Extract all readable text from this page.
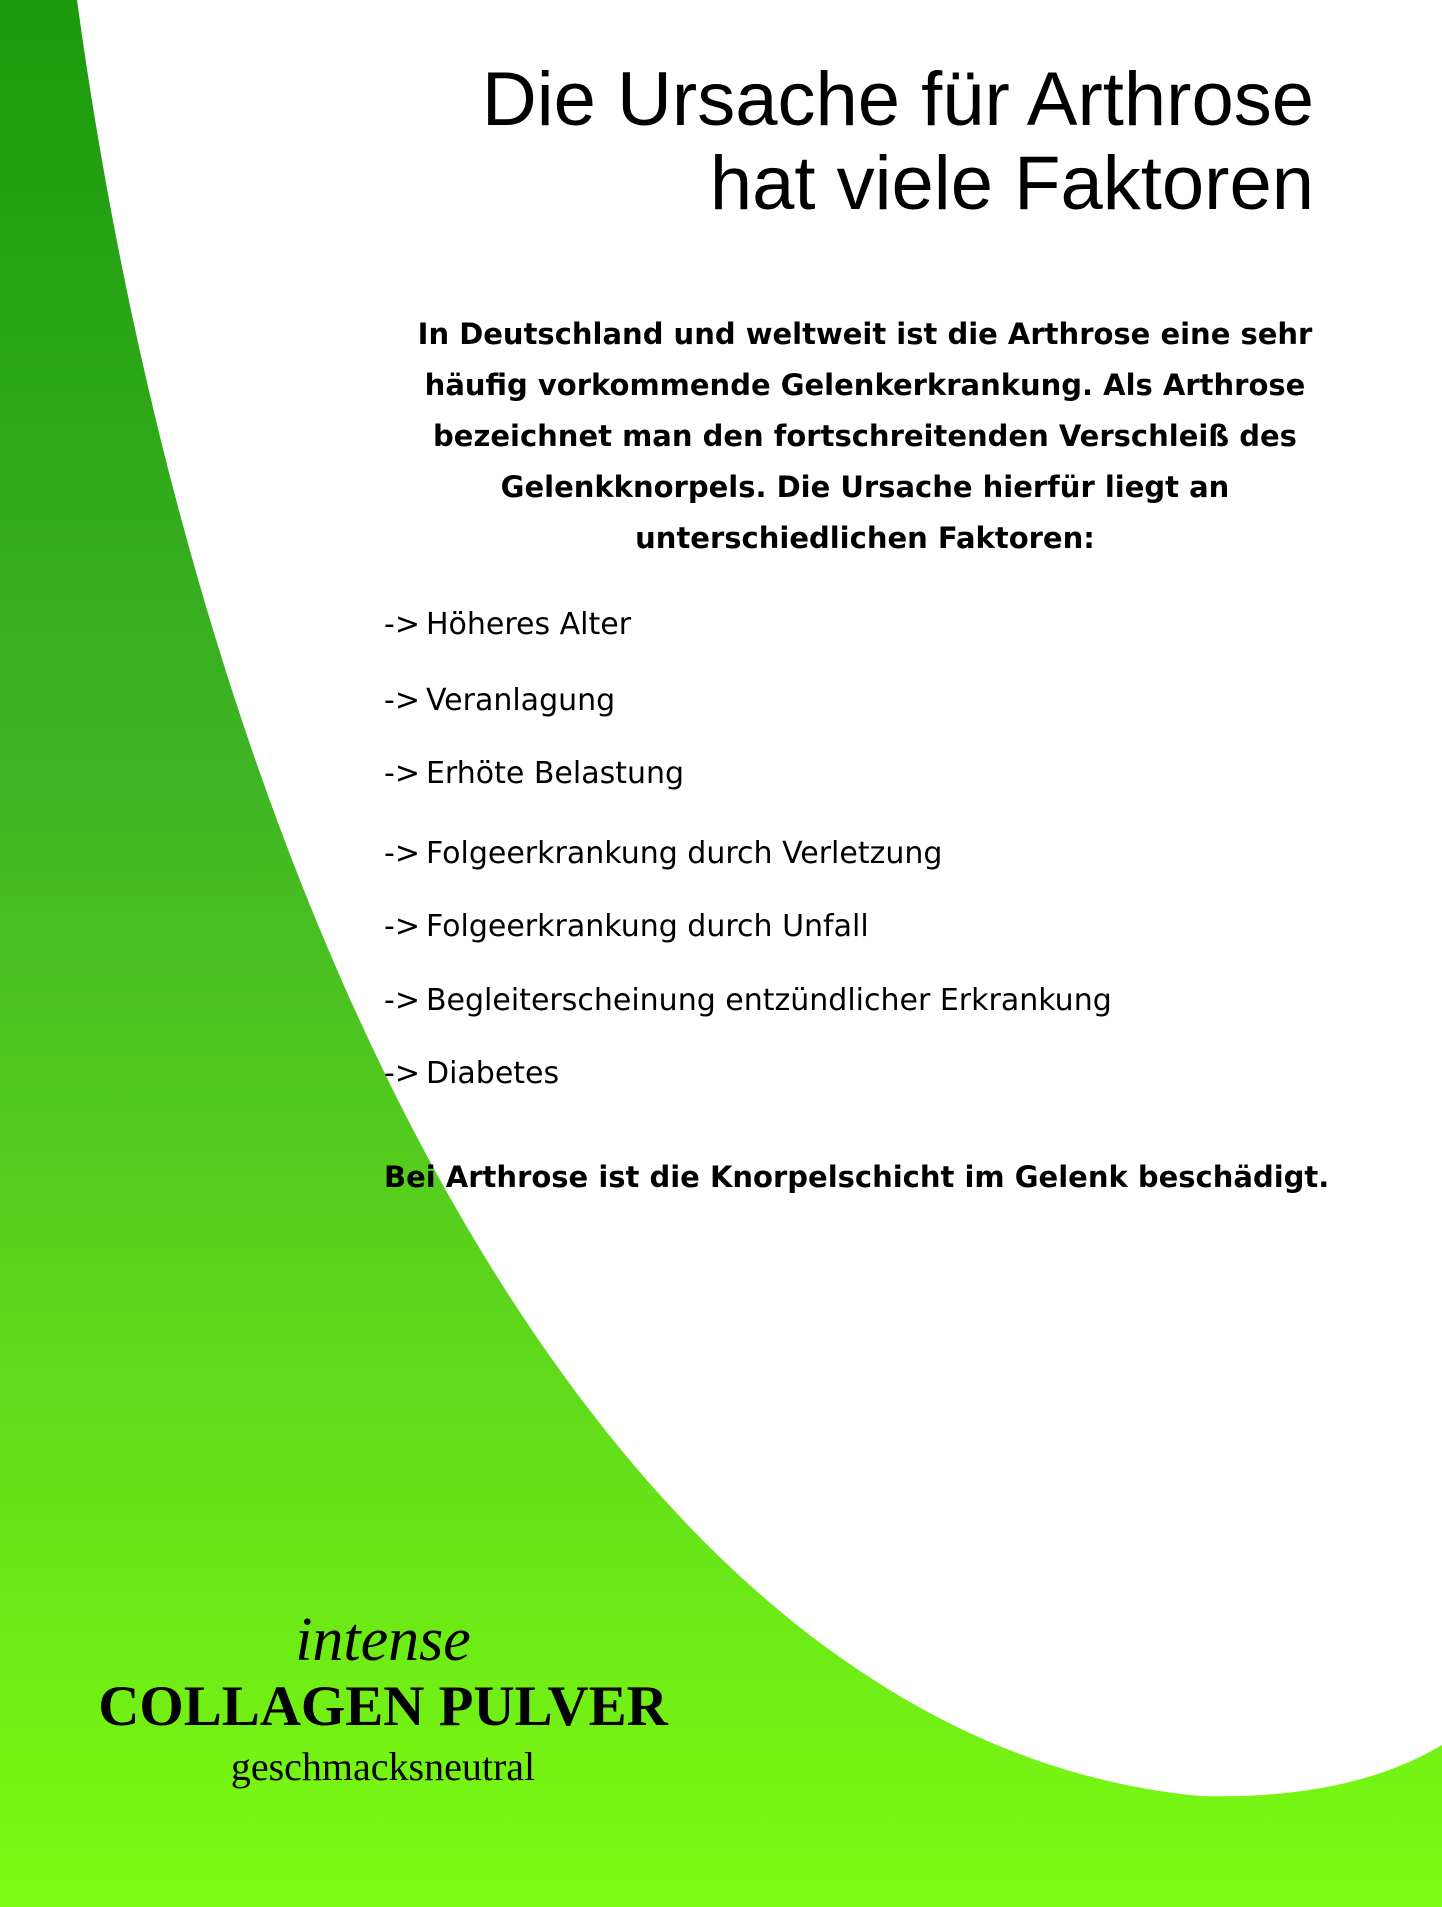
Die Ursache für Arthrose
hat viele Faktoren

In Deutschland und weltweit ist die Arthrose eine sehr häufig vorkommende Gelenkerkrankung. Als Arthrose bezeichnet man den fortschreitenden Verschleiß des Gelenkknorpels. Die Ursache hierfür liegt an unterschiedlichen Faktoren:

-> Höheres Alter
-> Veranlagung
-> Erhöte Belastung
-> Folgeerkrankung durch Verletzung
-> Folgeerkrankung durch Unfall
-> Begleiterscheinung entzündlicher Erkrankung
-> Diabetes

Bei Arthrose ist die Knorpelschicht im Gelenk beschädigt.

intense
COLLAGEN PULVER
geschmacksneutral
